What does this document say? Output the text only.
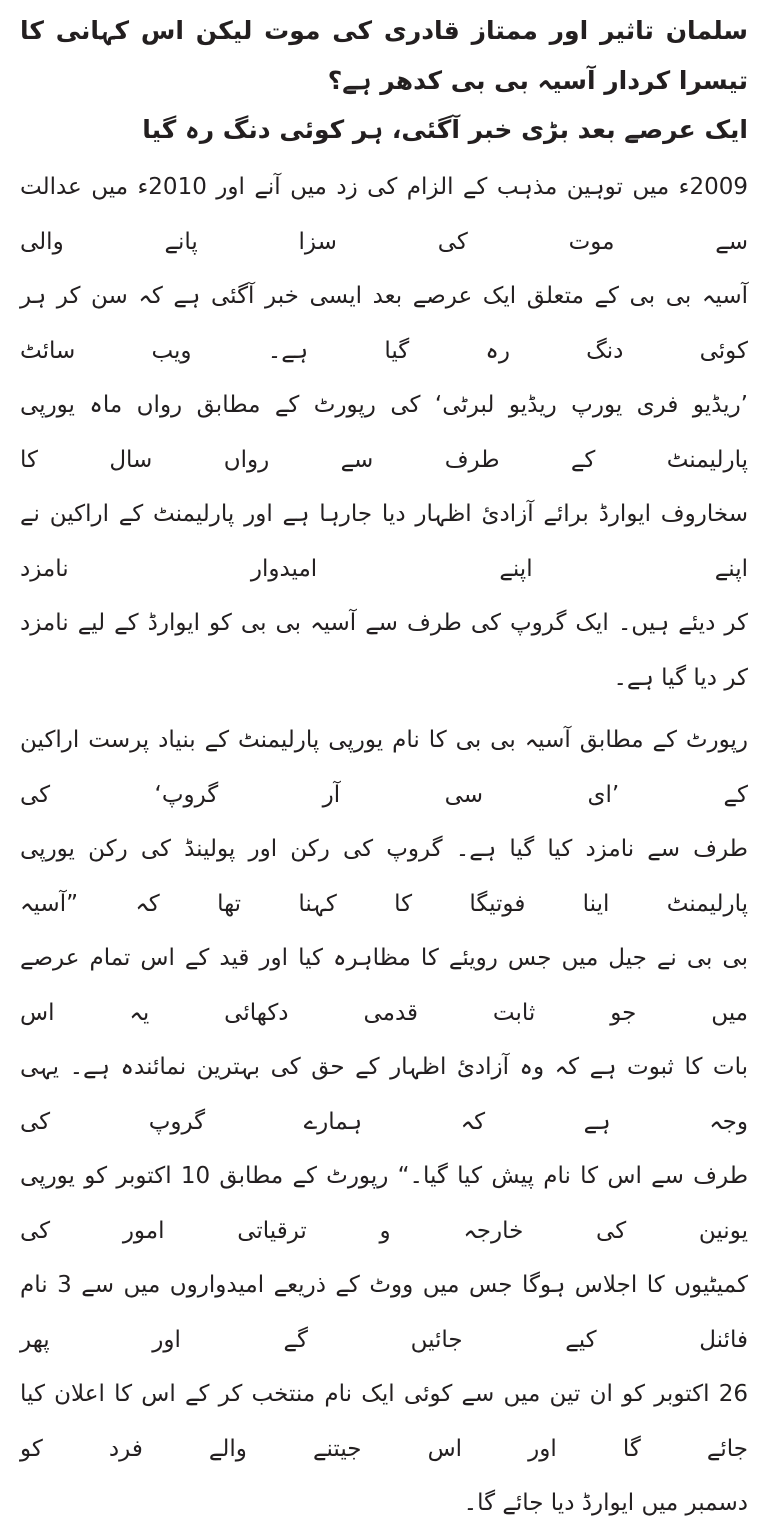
سلمان تاثیر اور ممتاز قادری کی موت لیکن اس کہانی کا تیسرا کردار آسیہ بی بی کدھر ہے؟
ایک عرصے بعد بڑی خبر آگئی، ہر کوئی دنگ رہ گیا
2009ء میں توہین مذہب کے الزام کی زد میں آنے اور 2010ء میں عدالت سے موت کی سزا پانے والی
آسیہ بی بی کے متعلق ایک عرصے بعد ایسی خبر آگئی ہے کہ سن کر ہر کوئی دنگ رہ گیا ہے۔ ویب سائٹ
’ریڈیو فری یورپ ریڈیو لبرٹی‘ کی رپورٹ کے مطابق رواں ماہ یورپی پارلیمنٹ کے طرف سے رواں سال کا
سخاروف ایوارڈ برائے آزادیٔ اظہار دیا جارہا ہے اور پارلیمنٹ کے اراکین نے اپنے اپنے امیدوار نامزد
کر دیئے ہیں۔ ایک گروپ کی طرف سے آسیہ بی بی کو ایوارڈ کے لیے نامزد کر دیا گیا ہے۔
رپورٹ کے مطابق آسیہ بی بی کا نام یورپی پارلیمنٹ کے بنیاد پرست اراکین کے ’ای سی آر گروپ‘ کی
طرف سے نامزد کیا گیا ہے۔ گروپ کی رکن اور پولینڈ کی رکن یورپی پارلیمنٹ اینا فوتیگا کا کہنا تھا کہ ”آسیہ
بی بی نے جیل میں جس رویئے کا مظاہرہ کیا اور قید کے اس تمام عرصے میں جو ثابت قدمی دکھائی یہ اس
بات کا ثبوت ہے کہ وہ آزادیٔ اظہار کے حق کی بہترین نمائندہ ہے۔ یہی وجہ ہے کہ ہمارے گروپ کی
طرف سے اس کا نام پیش کیا گیا۔“ رپورٹ کے مطابق 10 اکتوبر کو یورپی یونین کی خارجہ و ترقیاتی امور کی
کمیٹیوں کا اجلاس ہوگا جس میں ووٹ کے ذریعے امیدواروں میں سے 3 نام فائنل کیے جائیں گے اور پھر
26 اکتوبر کو ان تین میں سے کوئی ایک نام منتخب کر کے اس کا اعلان کیا جائے گا اور اس جیتنے والے فرد کو
دسمبر میں ایوارڈ دیا جائے گا۔
